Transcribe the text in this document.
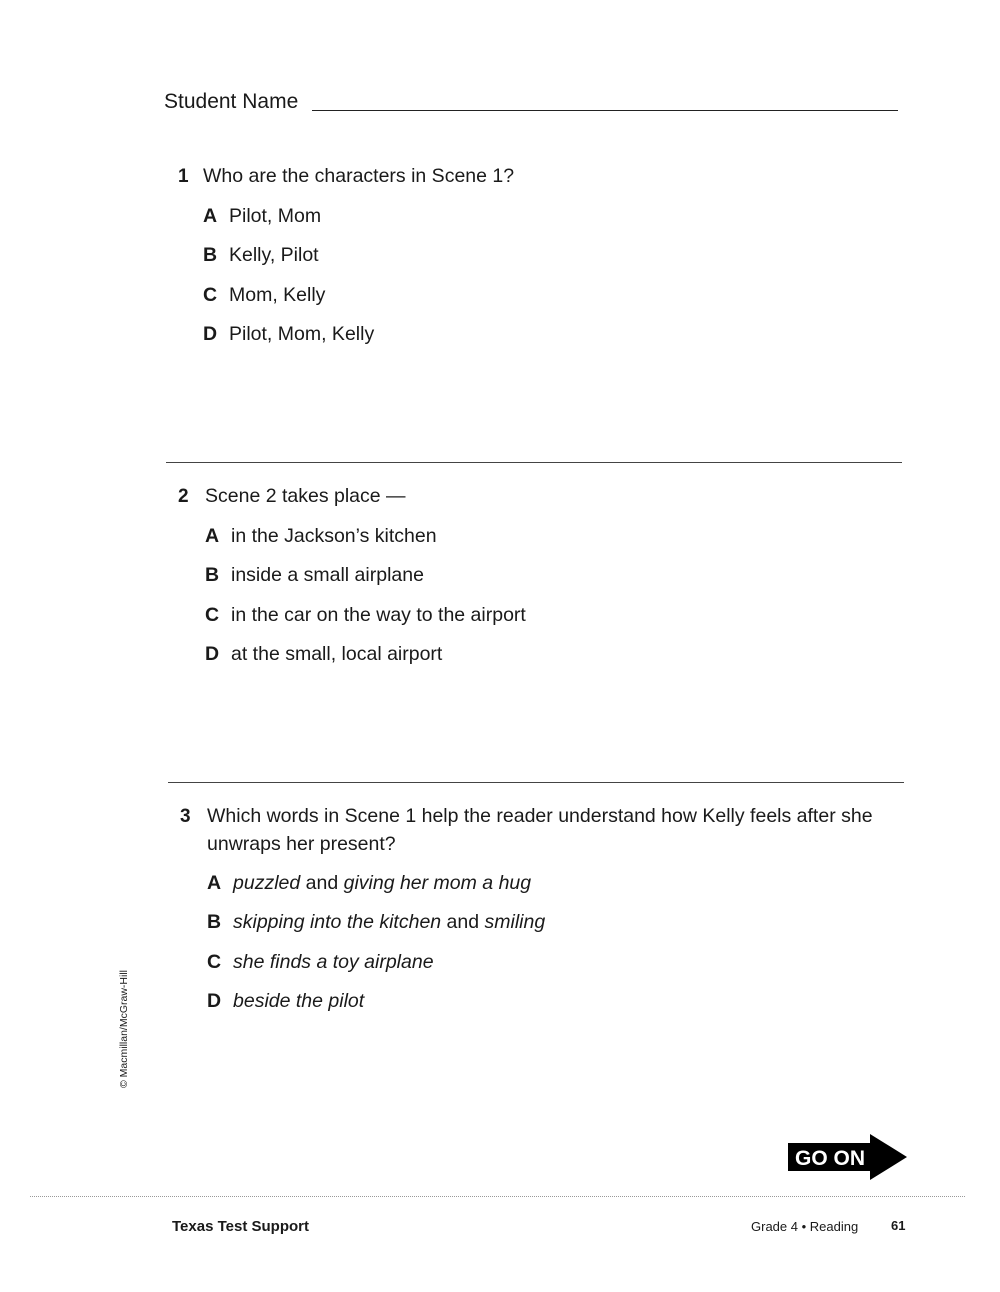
Student Name
1 Who are the characters in Scene 1?
A Pilot, Mom
B Kelly, Pilot
C Mom, Kelly
D Pilot, Mom, Kelly
2 Scene 2 takes place —
A in the Jackson’s kitchen
B inside a small airplane
C in the car on the way to the airport
D at the small, local airport
3 Which words in Scene 1 help the reader understand how Kelly feels after she
unwraps her present?
A puzzled and giving her mom a hug
B skipping into the kitchen and smiling
C she finds a toy airplane
D beside the pilot
© Macmillan/McGraw-Hill
GO ON
Texas Test Support	Grade 4 • Reading	61
